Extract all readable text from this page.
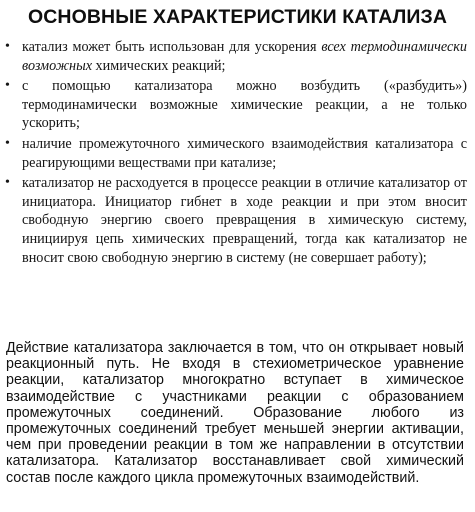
ОСНОВНЫЕ ХАРАКТЕРИСТИКИ КАТАЛИЗА
• катализ может быть использован для ускорения всех термодинамически возможных химических реакций;
• с помощью катализатора можно возбудить («разбудить») термодинамически возможные химические реакции, а не только ускорить;
• наличие промежуточного химического взаимодействия катализатора с реагирующими веществами при катализе;
• катализатор не расходуется в процессе реакции в отличие катализатор от инициатора. Инициатор гибнет в ходе реакции и при этом вносит свободную энергию своего превращения в химическую систему, инициируя цепь химических превращений, тогда как катализатор не вносит свою свободную энергию в систему (не совершает работу);

Действие катализатора заключается в том, что он открывает новый реакционный путь. Не входя в стехиометрическое уравнение реакции, катализатор многократно вступает в химическое взаимодействие с участниками реакции с образованием промежуточных соединений. Образование любого из промежуточных соединений требует меньшей энергии активации, чем при проведении реакции в том же направлении в отсутствии катализатора. Катализатор восстанавливает свой химический состав после каждого цикла промежуточных взаимодействий.
